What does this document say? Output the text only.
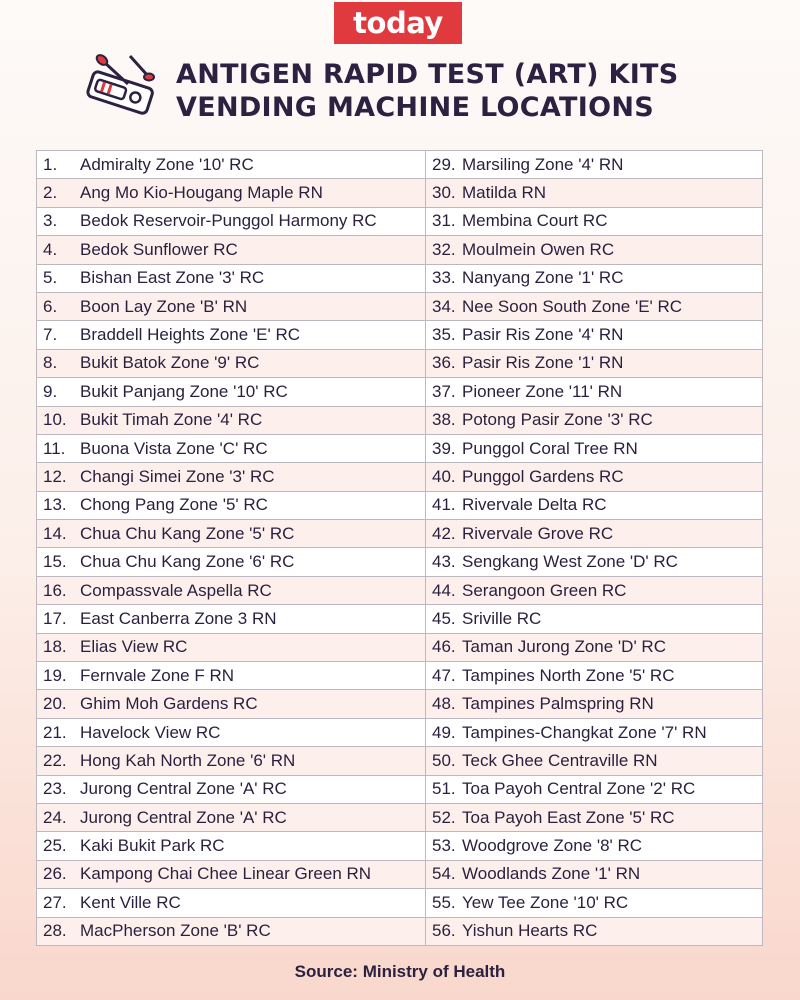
today
ANTIGEN RAPID TEST (ART) KITS
VENDING MACHINE LOCATIONS
1. Admiralty Zone '10' RC	29. Marsiling Zone '4' RN
2. Ang Mo Kio-Hougang Maple RN	30. Matilda RN
3. Bedok Reservoir-Punggol Harmony RC	31. Membina Court RC
4. Bedok Sunflower RC	32. Moulmein Owen RC
5. Bishan East Zone '3' RC	33. Nanyang Zone '1' RC
6. Boon Lay Zone 'B' RN	34. Nee Soon South Zone 'E' RC
7. Braddell Heights Zone 'E' RC	35. Pasir Ris Zone '4' RN
8. Bukit Batok Zone '9' RC	36. Pasir Ris Zone '1' RN
9. Bukit Panjang Zone '10' RC	37. Pioneer Zone '11' RN
10. Bukit Timah Zone '4' RC	38. Potong Pasir Zone '3' RC
11. Buona Vista Zone 'C' RC	39. Punggol Coral Tree RN
12. Changi Simei Zone '3' RC	40. Punggol Gardens RC
13. Chong Pang Zone '5' RC	41. Rivervale Delta RC
14. Chua Chu Kang Zone '5' RC	42. Rivervale Grove RC
15. Chua Chu Kang Zone '6' RC	43. Sengkang West Zone 'D' RC
16. Compassvale Aspella RC	44. Serangoon Green RC
17. East Canberra Zone 3 RN	45. Sriville RC
18. Elias View RC	46. Taman Jurong Zone 'D' RC
19. Fernvale Zone F RN	47. Tampines North Zone '5' RC
20. Ghim Moh Gardens RC	48. Tampines Palmspring RN
21. Havelock View RC	49. Tampines-Changkat Zone '7' RN
22. Hong Kah North Zone '6' RN	50. Teck Ghee Centraville RN
23. Jurong Central Zone 'A' RC	51. Toa Payoh Central Zone '2' RC
24. Jurong Central Zone 'A' RC	52. Toa Payoh East Zone '5' RC
25. Kaki Bukit Park RC	53. Woodgrove Zone '8' RC
26. Kampong Chai Chee Linear Green RN	54. Woodlands Zone '1' RN
27. Kent Ville RC	55. Yew Tee Zone '10' RC
28. MacPherson Zone 'B' RC	56. Yishun Hearts RC
Source: Ministry of Health
